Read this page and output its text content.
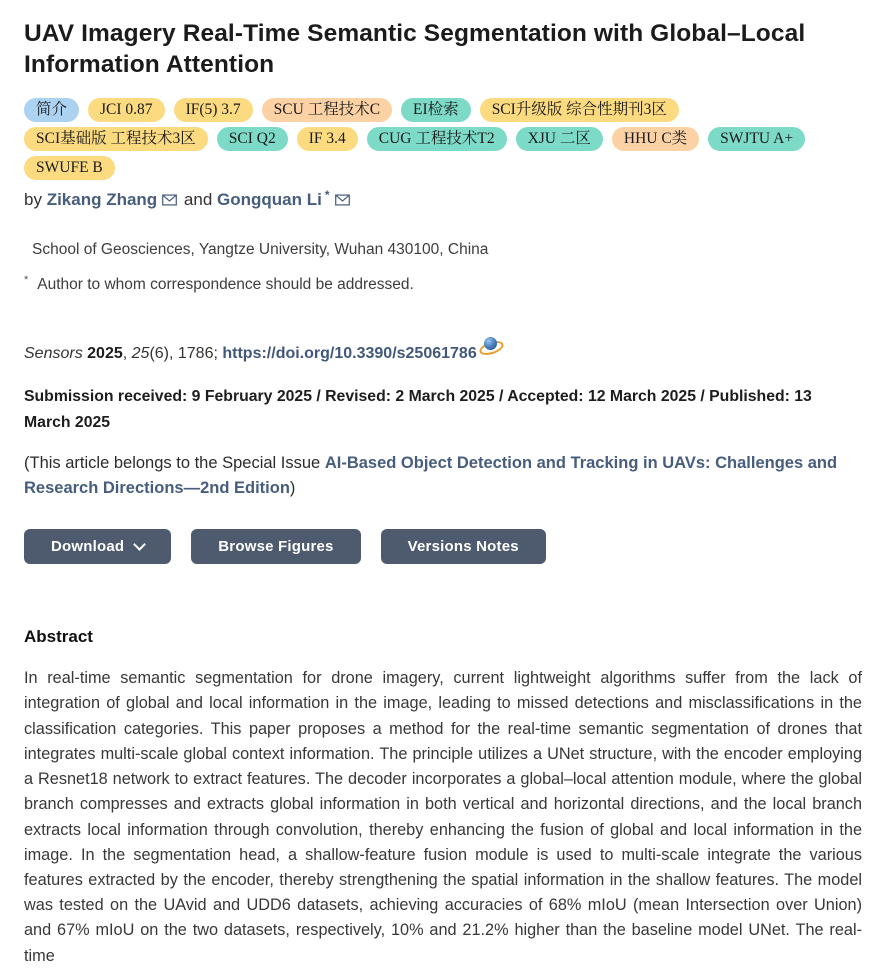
UAV Imagery Real-Time Semantic Segmentation with Global–Local Information Attention
简介	JCI 0.87	IF(5) 3.7	SCU 工程技术C	EI检索	SCI升级版 综合性期刊3区
SCI基础版 工程技术3区	SCI Q2	IF 3.4	CUG 工程技术T2	XJU 二区	HHU C类	SWJTU A+
SWUFE B

by Zikang Zhang and Gongquan Li *

School of Geosciences, Yangtze University, Wuhan 430100, China
* Author to whom correspondence should be addressed.

Sensors 2025, 25(6), 1786; https://doi.org/10.3390/s25061786

Submission received: 9 February 2025 / Revised: 2 March 2025 / Accepted: 12 March 2025 / Published: 13 March 2025

(This article belongs to the Special Issue AI-Based Object Detection and Tracking in UAVs: Challenges and Research Directions—2nd Edition)

Download	Browse Figures	Versions Notes
Abstract

In real-time semantic segmentation for drone imagery, current lightweight algorithms suffer from the lack of integration of global and local information in the image, leading to missed detections and misclassifications in the classification categories. This paper proposes a method for the real-time semantic segmentation of drones that integrates multi-scale global context information. The principle utilizes a UNet structure, with the encoder employing a Resnet18 network to extract features. The decoder incorporates a global–local attention module, where the global branch compresses and extracts global information in both vertical and horizontal directions, and the local branch extracts local information through convolution, thereby enhancing the fusion of global and local information in the image. In the segmentation head, a shallow-feature fusion module is used to multi-scale integrate the various features extracted by the encoder, thereby strengthening the spatial information in the shallow features. The model was tested on the UAvid and UDD6 datasets, achieving accuracies of 68% mIoU (mean Intersection over Union) and 67% mIoU on the two datasets, respectively, 10% and 21.2% higher than the baseline model UNet. The real-time
